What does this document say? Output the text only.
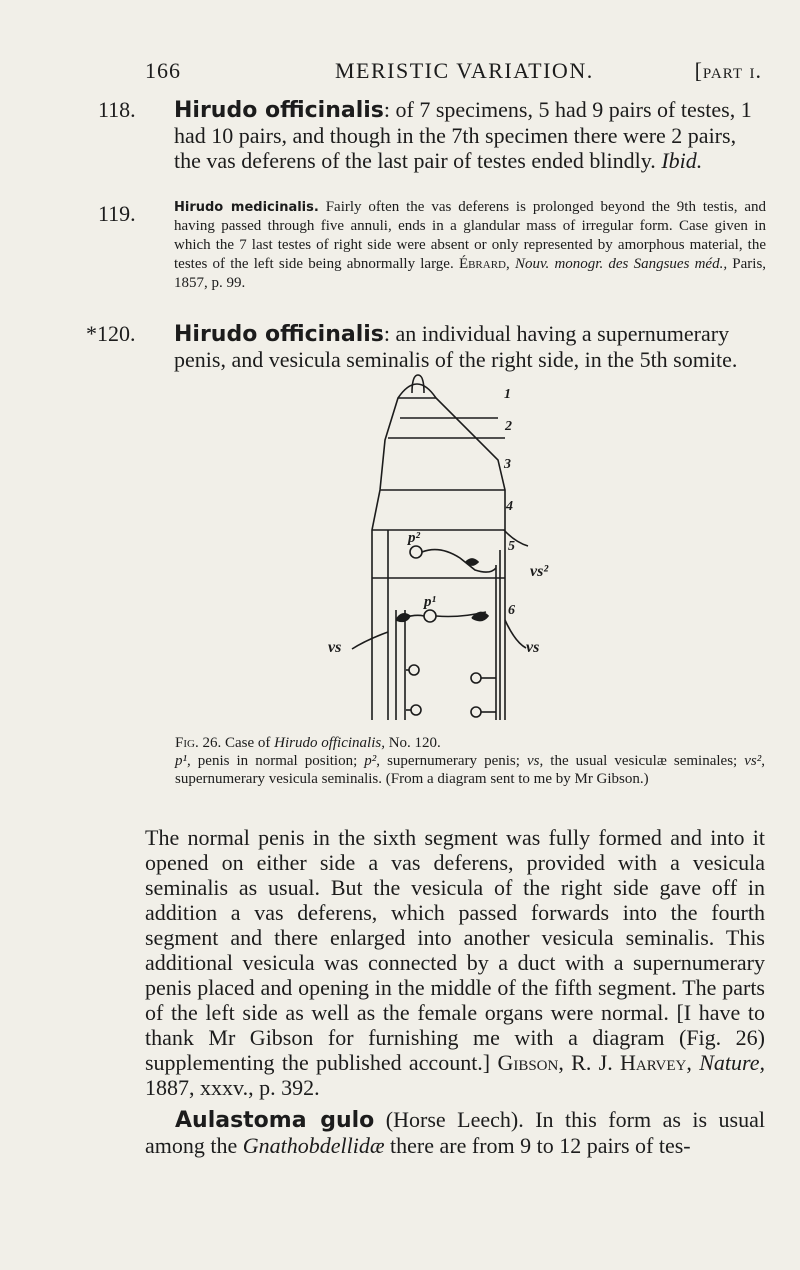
166	MERISTIC VARIATION.	[part i.
118. Hirudo officinalis: of 7 specimens, 5 had 9 pairs of testes, 1 had 10 pairs, and though in the 7th specimen there were 2 pairs, the vas deferens of the last pair of testes ended blindly. Ibid.
119.	Hirudo medicinalis. Fairly often the vas deferens is prolonged beyond the 9th testis, and having passed through five annuli, ends in a glandular mass of irregular form. Case given in which the 7 last testes of right side were absent or only represented by amorphous material, the testes of the left side being abnormally large. Ébrard, Nouv. monogr. des Sangsues méd., Paris, 1857, p. 99.
*120. Hirudo officinalis: an individual having a supernumerary penis, and vesicula seminalis of the right side, in the 5th somite.
1
2
3
4
5
6
p²
p¹
vs²
vs	vs
Fig. 26. Case of Hirudo officinalis, No. 120.
p¹, penis in normal position; p², supernumerary penis; vs, the usual vesiculæ seminales; vs², supernumerary vesicula seminalis. (From a diagram sent to me by Mr Gibson.)
The normal penis in the sixth segment was fully formed and into it opened on either side a vas deferens, provided with a vesicula seminalis as usual. But the vesicula of the right side gave off in addition a vas deferens, which passed forwards into the fourth segment and there enlarged into another vesicula seminalis. This additional vesicula was connected by a duct with a supernumerary penis placed and opening in the middle of the fifth segment. The parts of the left side as well as the female organs were normal. [I have to thank Mr Gibson for furnishing me with a diagram (Fig. 26) supplementing the published account.] Gibson, R. J. Harvey, Nature, 1887, xxxv., p. 392.
Aulastoma gulo (Horse Leech). In this form as is usual among the Gnathobdellidæ there are from 9 to 12 pairs of tes-
